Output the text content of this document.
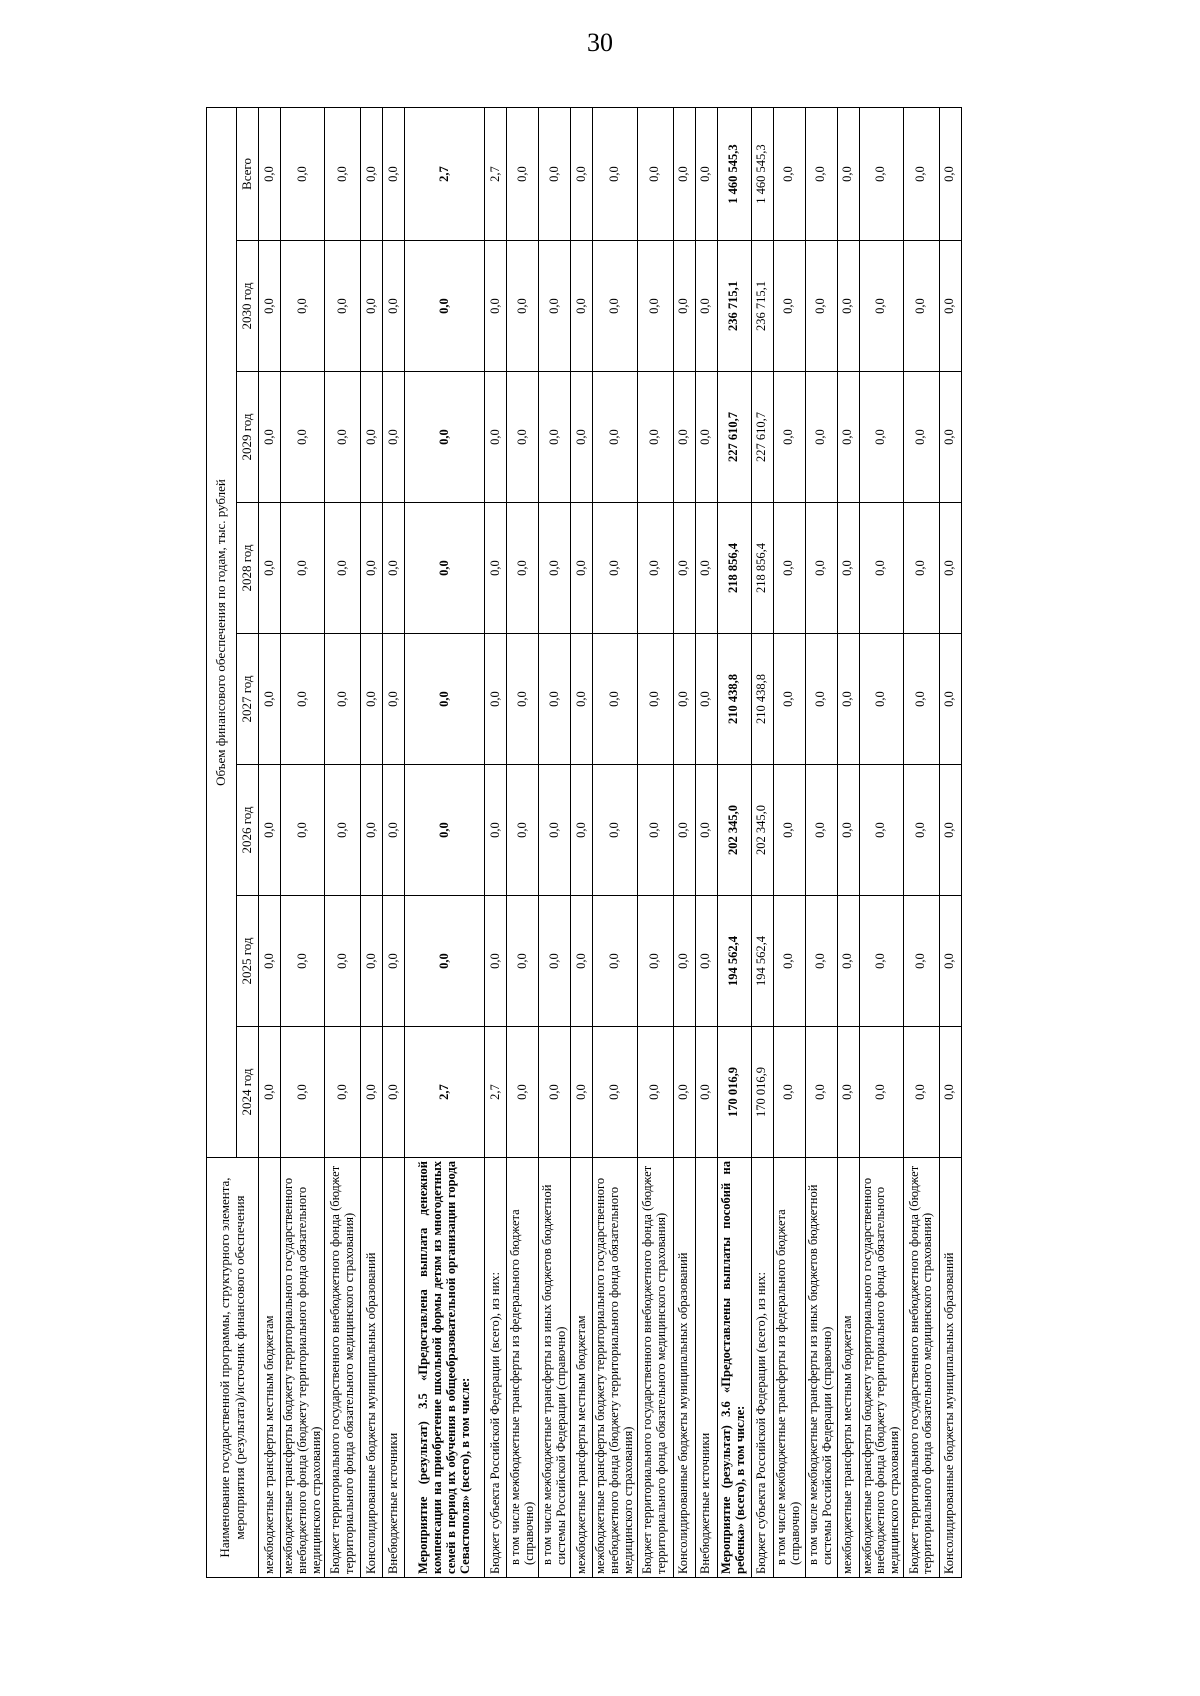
30
Наименование государственной программы, структурного элемента, мероприятия (результата)/источник финансового обеспечения	Объем финансового обеспечения по годам, тыс. рублей							
	2024 год	2025 год	2026 год	2027 год	2028 год	2029 год	2030 год	Всего
межбюджетные трансферты местным бюджетам	0,0	0,0	0,0	0,0	0,0	0,0	0,0	0,0
межбюджетные трансферты бюджету территориального государственного внебюджетного фонда (бюджету территориального фонда обязательного медицинского страхования)	0,0	0,0	0,0	0,0	0,0	0,0	0,0	0,0
Бюджет территориального государственного внебюджетного фонда (бюджет территориального фонда обязательного медицинского страхования)	0,0	0,0	0,0	0,0	0,0	0,0	0,0	0,0
Консолидированные бюджеты муниципальных образований	0,0	0,0	0,0	0,0	0,0	0,0	0,0	0,0
Внебюджетные источники	0,0	0,0	0,0	0,0	0,0	0,0	0,0	0,0
Мероприятие (результат) 3.5 «Предоставлена выплата денежной компенсации на приобретение школьной формы детям из многодетных семей в период их обучения в общеобразовательной организации города Севастополя» (всего), в том числе:	2,7	0,0	0,0	0,0	0,0	0,0	0,0	2,7
Бюджет субъекта Российской Федерации (всего), из них:	2,7	0,0	0,0	0,0	0,0	0,0	0,0	2,7
в том числе межбюджетные трансферты из федерального бюджета (справочно)	0,0	0,0	0,0	0,0	0,0	0,0	0,0	0,0
в том числе межбюджетные трансферты из иных бюджетов бюджетной системы Российской Федерации (справочно)	0,0	0,0	0,0	0,0	0,0	0,0	0,0	0,0
межбюджетные трансферты местным бюджетам	0,0	0,0	0,0	0,0	0,0	0,0	0,0	0,0
межбюджетные трансферты бюджету территориального государственного внебюджетного фонда (бюджету территориального фонда обязательного медицинского страхования)	0,0	0,0	0,0	0,0	0,0	0,0	0,0	0,0
Бюджет территориального государственного внебюджетного фонда (бюджет территориального фонда обязательного медицинского страхования)	0,0	0,0	0,0	0,0	0,0	0,0	0,0	0,0
Консолидированные бюджеты муниципальных образований	0,0	0,0	0,0	0,0	0,0	0,0	0,0	0,0
Внебюджетные источники	0,0	0,0	0,0	0,0	0,0	0,0	0,0	0,0
Мероприятие (результат) 3.6 «Предоставлены выплаты пособий на ребенка» (всего), в том числе:	170 016,9	194 562,4	202 345,0	210 438,8	218 856,4	227 610,7	236 715,1	1 460 545,3
Бюджет субъекта Российской Федерации (всего), из них:	170 016,9	194 562,4	202 345,0	210 438,8	218 856,4	227 610,7	236 715,1	1 460 545,3
в том числе межбюджетные трансферты из федерального бюджета (справочно)	0,0	0,0	0,0	0,0	0,0	0,0	0,0	0,0
в том числе межбюджетные трансферты из иных бюджетов бюджетной системы Российской Федерации (справочно)	0,0	0,0	0,0	0,0	0,0	0,0	0,0	0,0
межбюджетные трансферты местным бюджетам	0,0	0,0	0,0	0,0	0,0	0,0	0,0	0,0
межбюджетные трансферты бюджету территориального государственного внебюджетного фонда (бюджету территориального фонда обязательного медицинского страхования)	0,0	0,0	0,0	0,0	0,0	0,0	0,0	0,0
Бюджет территориального государственного внебюджетного фонда (бюджет территориального фонда обязательного медицинского страхования)	0,0	0,0	0,0	0,0	0,0	0,0	0,0	0,0
Консолидированные бюджеты муниципальных образований	0,0	0,0	0,0	0,0	0,0	0,0	0,0	0,0
